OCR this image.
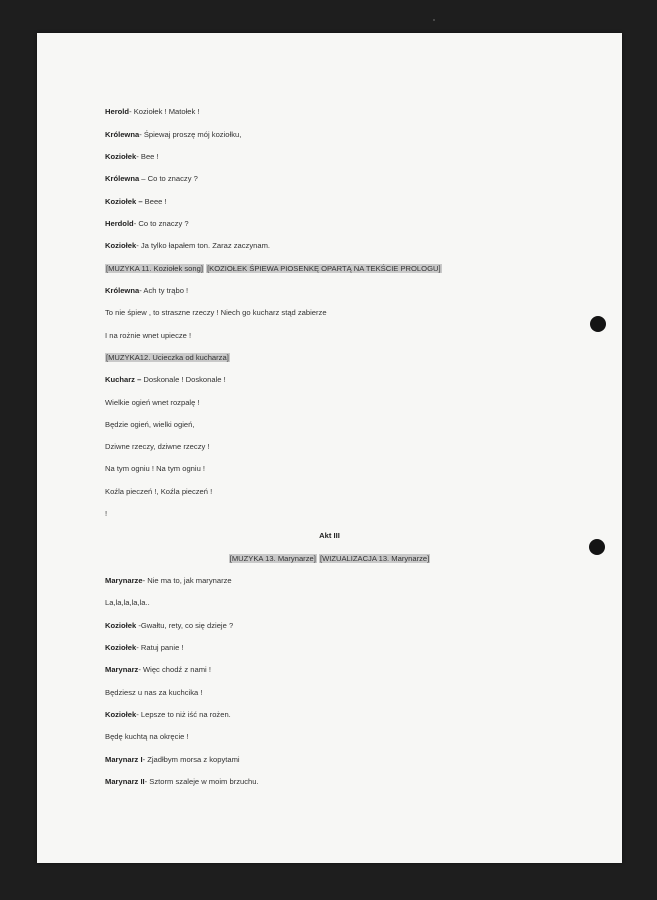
Herold- Koziołek ! Matołek !
Królewna- Śpiewaj proszę mój koziołku,
Koziołek- Bee !
Królewna – Co to znaczy ?
Koziołek – Beee !
Herdold- Co to znaczy ?
Koziołek- Ja tylko łapałem ton. Zaraz zaczynam.
[MUZYKA 11. Koziołek song] [KOZIOŁEK ŚPIEWA PIOSENKĘ OPARTĄ NA TEKŚCIE PROLOGU]
Królewna- Ach ty trąbo !
To nie śpiew , to straszne rzeczy ! Niech go kucharz stąd zabierze
I na rożnie wnet upiecze !
[MUZYKA12. Ucieczka od kucharza]
Kucharz – Doskonale ! Doskonale !
Wielkie ogień wnet rozpalę !
Będzie ogień, wielki ogień,
Dziwne rzeczy, dziwne rzeczy !
Na tym ogniu ! Na tym ogniu !
Koźla pieczeń !, Koźla pieczeń !
!
Akt III
[MUZYKA 13. Marynarze] [WIZUALIZACJA 13. Marynarze]
Marynarze- Nie ma to, jak marynarze
La,la,la,la,la..
Koziołek -Gwałtu, rety, co się dzieje ?
Koziołek- Ratuj panie !
Marynarz- Więc chodź z nami !
Będziesz u nas za kuchcika !
Koziołek- Lepsze to niż iść na rożen.
Będę kuchtą na okręcie !
Marynarz I- Zjadłbym morsa z kopytami
Marynarz II- Sztorm szaleje w moim brzuchu.
